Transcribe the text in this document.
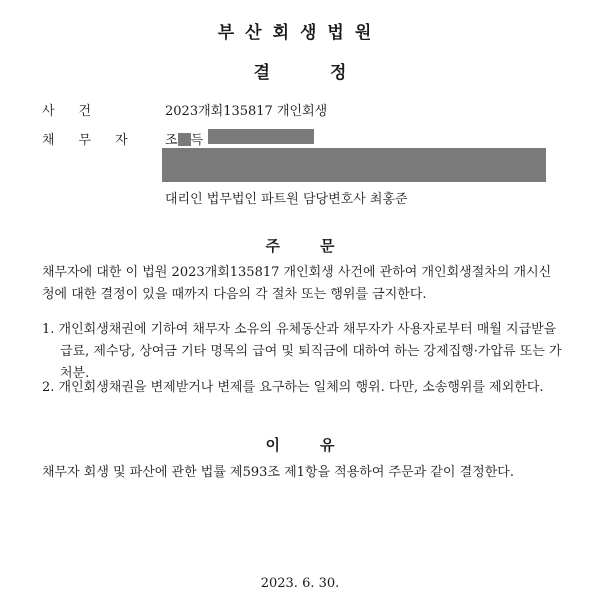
부산회생법원
결정
사건	2023개회135817 개인회생
채무자 조 득
대리인 법무법인 파트원 담당변호사 최홍준
주문
채무자에 대한 이 법원 2023개회135817 개인회생 사건에 관하여 개인회생절차의 개시신청에 대한 결정이 있을 때까지 다음의 각 절차 또는 행위를 금지한다.
1. 개인회생채권에 기하여 채무자 소유의 유체동산과 채무자가 사용자로부터 매월 지급받을 급료, 제수당, 상여금 기타 명목의 급여 및 퇴직금에 대하여 하는 강제집행·가압류 또는 가처분.
2. 개인회생채권을 변제받거나 변제를 요구하는 일체의 행위. 다만, 소송행위를 제외한다.
이유
채무자 회생 및 파산에 관한 법률 제593조 제1항을 적용하여 주문과 같이 결정한다.
2023. 6. 30.
